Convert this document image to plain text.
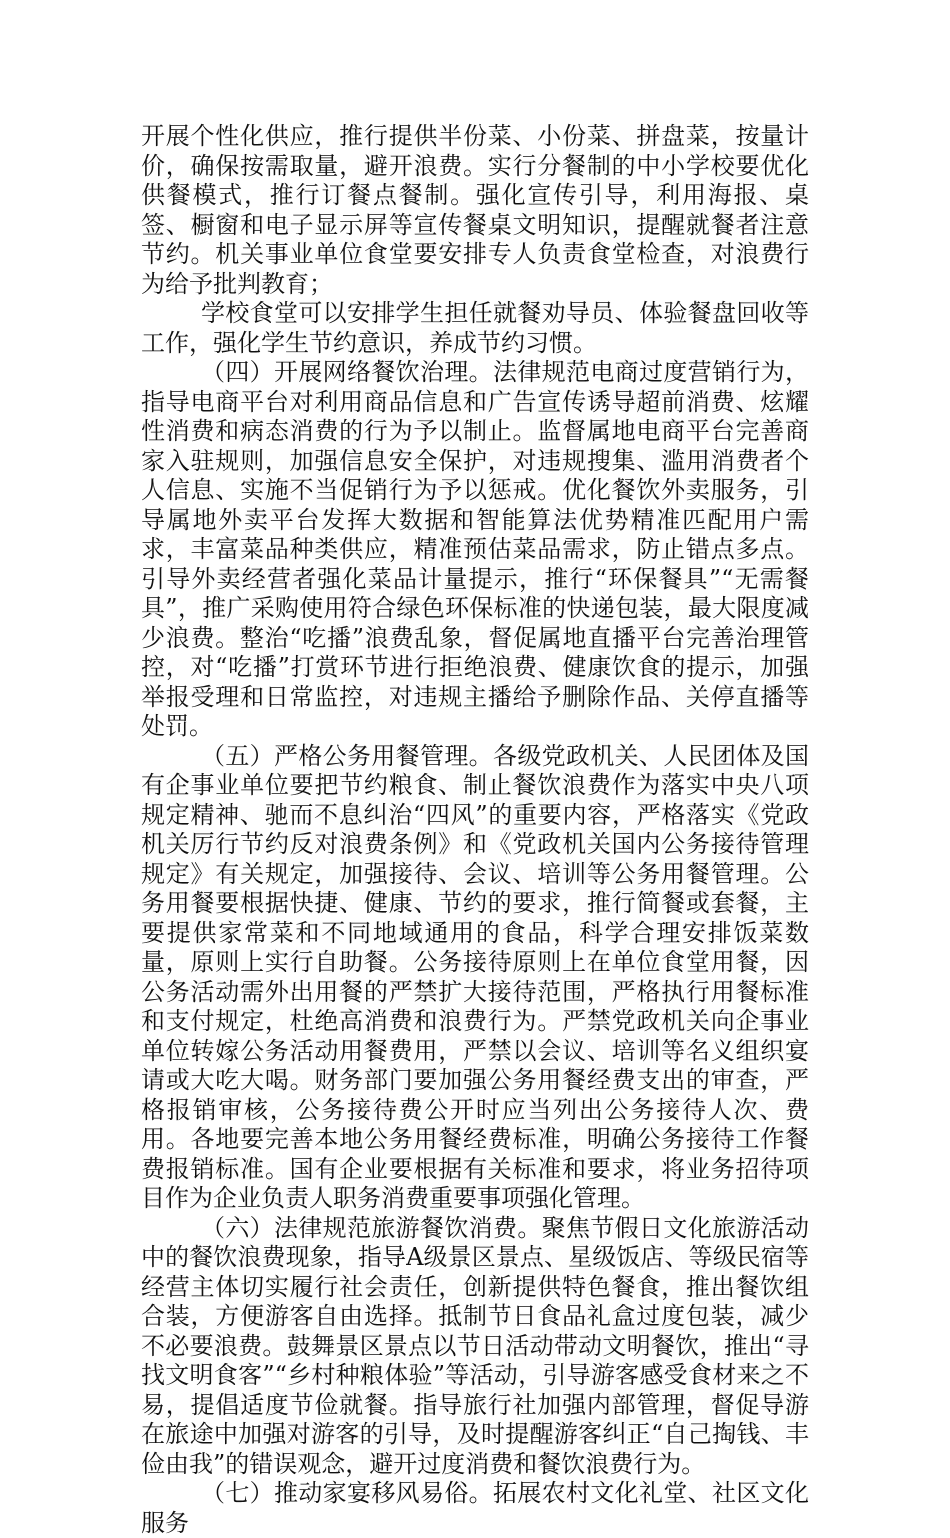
开展个性化供应，推行提供半份菜、小份菜、拼盘菜，按量计价，确保按需取量，避开浪费。实行分餐制的中小学校要优化供餐模式，推行订餐点餐制。强化宣传引导，利用海报、桌签、橱窗和电子显示屏等宣传餐桌文明知识，提醒就餐者注意节约。机关事业单位食堂要安排专人负责食堂检查，对浪费行为给予批判教育；

学校食堂可以安排学生担任就餐劝导员、体验餐盘回收等工作，强化学生节约意识，养成节约习惯。

（四）开展网络餐饮治理。法律规范电商过度营销行为，指导电商平台对利用商品信息和广告宣传诱导超前消费、炫耀性消费和病态消费的行为予以制止。监督属地电商平台完善商家入驻规则，加强信息安全保护，对违规搜集、滥用消费者个人信息、实施不当促销行为予以惩戒。优化餐饮外卖服务，引导属地外卖平台发挥大数据和智能算法优势精准匹配用户需求，丰富菜品种类供应，精准预估菜品需求，防止错点多点。引导外卖经营者强化菜品计量提示，推行“环保餐具”“无需餐具”，推广采购使用符合绿色环保标准的快递包装，最大限度减少浪费。整治“吃播”浪费乱象，督促属地直播平台完善治理管控，对“吃播”打赏环节进行拒绝浪费、健康饮食的提示，加强举报受理和日常监控，对违规主播给予删除作品、关停直播等处罚。

（五）严格公务用餐管理。各级党政机关、人民团体及国有企事业单位要把节约粮食、制止餐饮浪费作为落实中央八项规定精神、驰而不息纠治“四风”的重要内容，严格落实《党政机关厉行节约反对浪费条例》和《党政机关国内公务接待管理规定》有关规定，加强接待、会议、培训等公务用餐管理。公务用餐要根据快捷、健康、节约的要求，推行简餐或套餐，主要提供家常菜和不同地域通用的食品，科学合理安排饭菜数量，原则上实行自助餐。公务接待原则上在单位食堂用餐，因公务活动需外出用餐的严禁扩大接待范围，严格执行用餐标准和支付规定，杜绝高消费和浪费行为。严禁党政机关向企事业单位转嫁公务活动用餐费用，严禁以会议、培训等名义组织宴请或大吃大喝。财务部门要加强公务用餐经费支出的审查，严格报销审核，公务接待费公开时应当列出公务接待人次、费用。各地要完善本地公务用餐经费标准，明确公务接待工作餐费报销标准。国有企业要根据有关标准和要求，将业务招待项目作为企业负责人职务消费重要事项强化管理。

（六）法律规范旅游餐饮消费。聚焦节假日文化旅游活动中的餐饮浪费现象，指导A级景区景点、星级饭店、等级民宿等经营主体切实履行社会责任，创新提供特色餐食，推出餐饮组合装，方便游客自由选择。抵制节日食品礼盒过度包装，减少不必要浪费。鼓舞景区景点以节日活动带动文明餐饮，推出“寻找文明食客”“乡村种粮体验”等活动，引导游客感受食材来之不易，提倡适度节俭就餐。指导旅行社加强内部管理，督促导游在旅途中加强对游客的引导，及时提醒游客纠正“自己掏钱、丰俭由我”的错误观念，避开过度消费和餐饮浪费行为。

（七）推动家宴移风易俗。拓展农村文化礼堂、社区文化服务
